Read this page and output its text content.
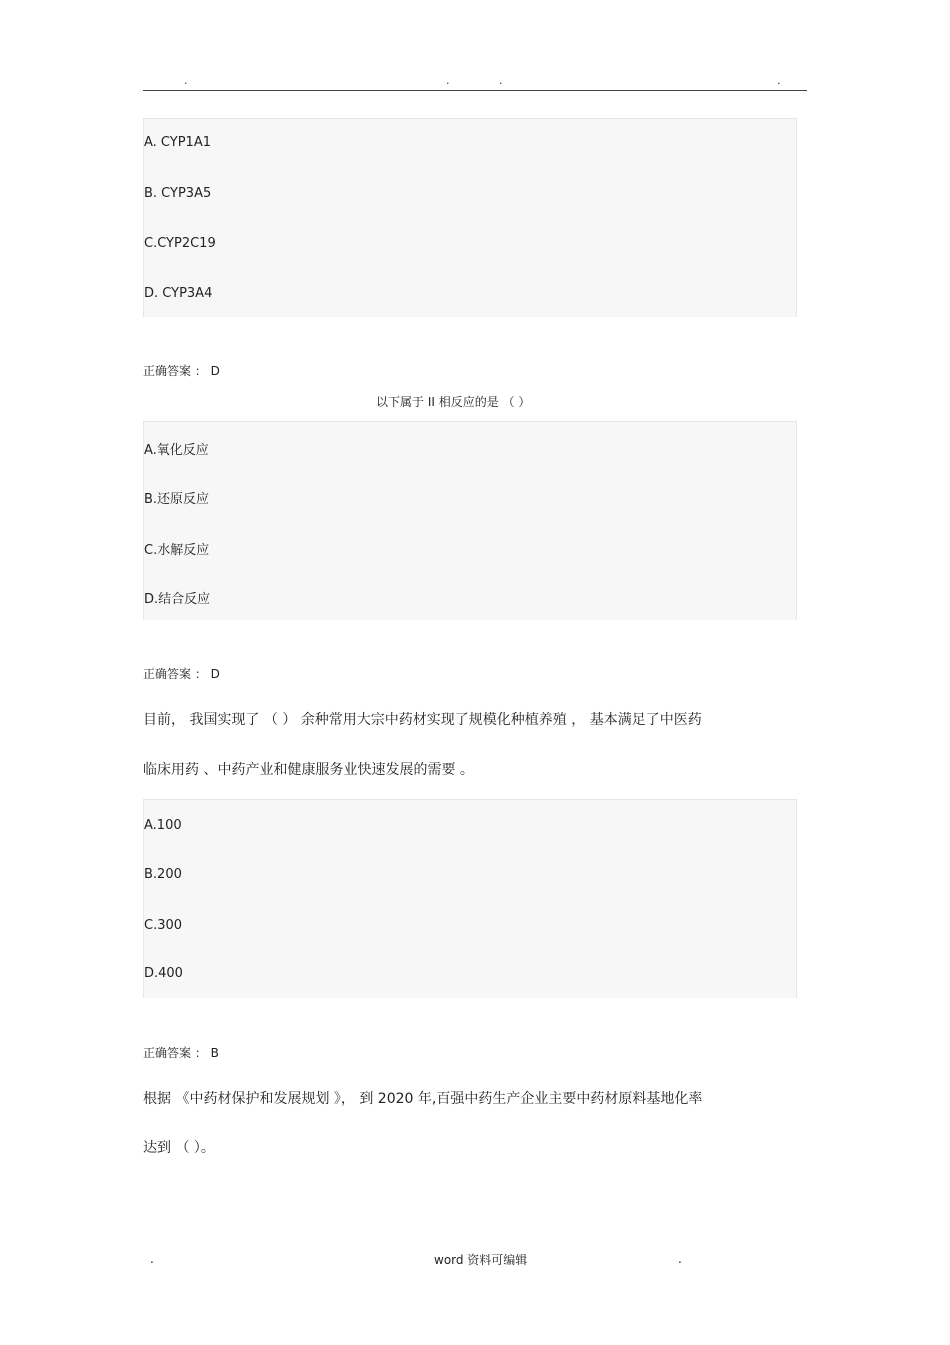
.	.	.	.
A. CYP1A1
B. CYP3A5
C.CYP2C19
D. CYP3A4
正确答案 ： D
以下属于 II 相反应的是 （ ）
A.氧化反应
B.还原反应
C.水解反应
D.结合反应
正确答案 ： D
目前， 我国实现了 （ ） 余种常用大宗中药材实现了规模化种植养殖 ， 基本满足了中医药
临床用药 、中药产业和健康服务业快速发展的需要 。
A.100
B.200
C.300
D.400
正确答案 ： B
根据 《中药材保护和发展规划 》， 到 2020 年,百强中药生产企业主要中药材原料基地化率
达到 （ ）。
.	word 资料可编辑	.
